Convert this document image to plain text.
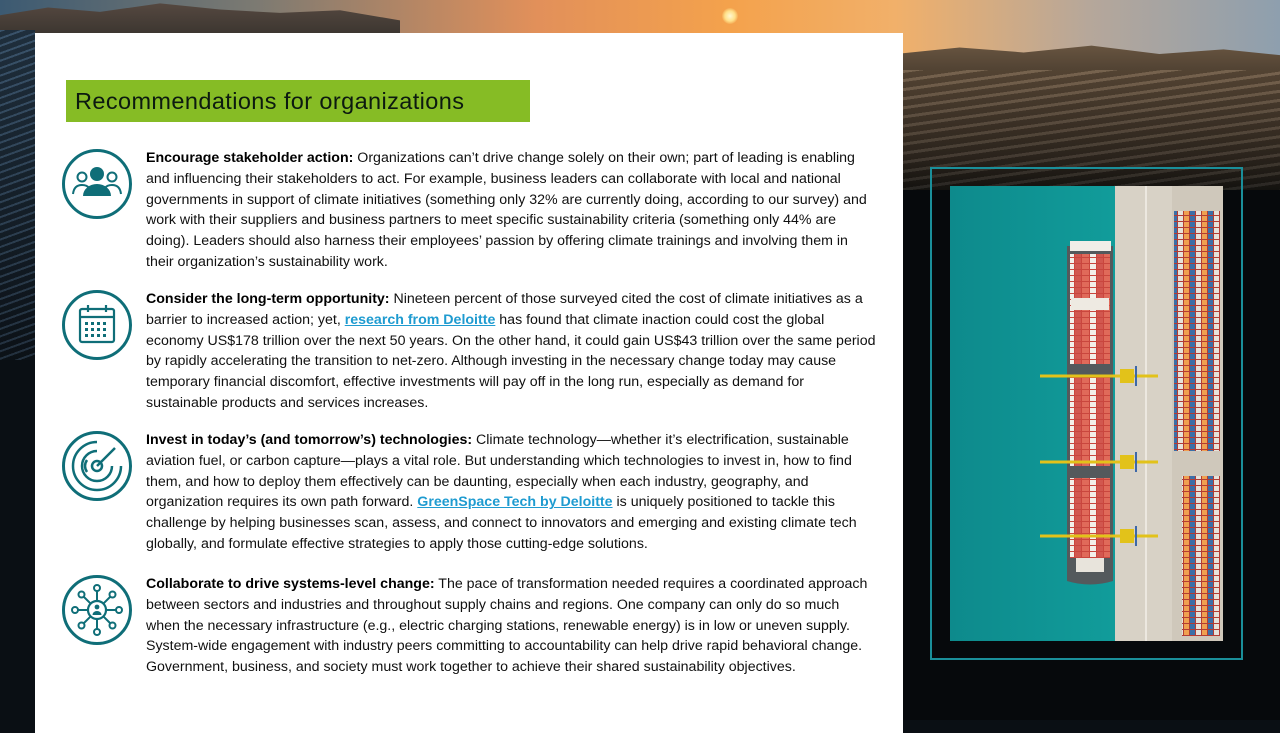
Recommendations for organizations

Encourage stakeholder action: Organizations can’t drive change solely on their own; part of leading is enabling and influencing their stakeholders to act. For example, business leaders can collaborate with local and national governments in support of climate initiatives (something only 32% are currently doing, according to our survey) and work with their suppliers and business partners to meet specific sustainability criteria (something only 44% are doing). Leaders should also harness their employees’ passion by offering climate trainings and involving them in their organization’s sustainability work.

Consider the long-term opportunity: Nineteen percent of those surveyed cited the cost of climate initiatives as a barrier to increased action; yet, research from Deloitte has found that climate inaction could cost the global economy US$178 trillion over the next 50 years. On the other hand, it could gain US$43 trillion over the same period by rapidly accelerating the transition to net-zero. Although investing in the necessary change today may cause temporary financial discomfort, effective investments will pay off in the long run, especially as demand for sustainable products and services increases.

Invest in today’s (and tomorrow’s) technologies: Climate technology—whether it’s electrification, sustainable aviation fuel, or carbon capture—plays a vital role. But understanding which technologies to invest in, how to find them, and how to deploy them effectively can be daunting, especially when each industry, geography, and organization requires its own path forward. GreenSpace Tech by Deloitte is uniquely positioned to tackle this challenge by helping businesses scan, assess, and connect to innovators and emerging and existing climate tech globally, and formulate effective strategies to apply those cutting-edge solutions.

Collaborate to drive systems-level change: The pace of transformation needed requires a coordinated approach between sectors and industries and throughout supply chains and regions. One company can only do so much when the necessary infrastructure (e.g., electric charging stations, renewable energy) is in low or uneven supply. System-wide engagement with industry peers committing to accountability can help drive rapid behavioral change. Government, business, and society must work together to achieve their shared sustainability objectives.
